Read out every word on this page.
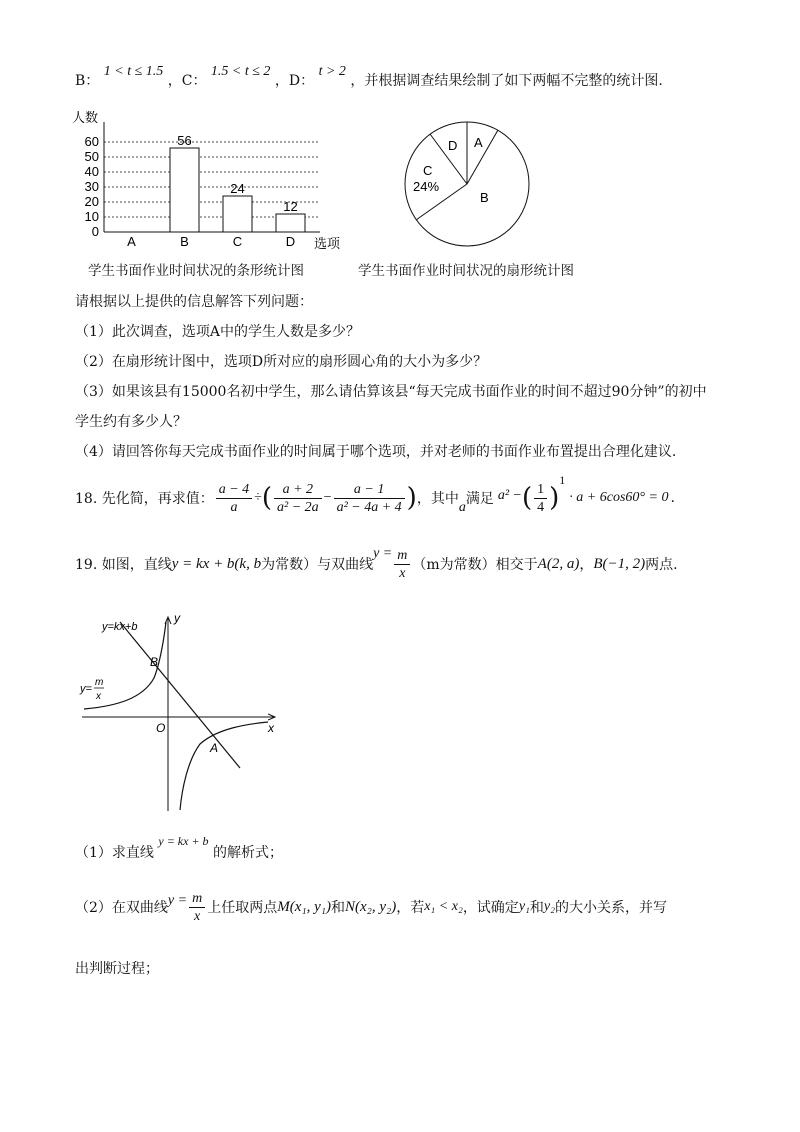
B： 1 < t ≤ 1.5 ，C： 1.5 < t ≤ 2 ，D： t > 2 ，并根据调查结果绘制了如下两幅不完整的统计图.
0
10
20
30
40
50
60
A
56
B
24
C
12
D
人数
选项
学生书面作业时间状况的条形统计图
A
B
C
24%
D
学生书面作业时间状况的扇形统计图
请根据以上提供的信息解答下列问题：
（1）此次调查，选项A中的学生人数是多少？
（2）在扇形统计图中，选项D所对应的扇形圆心角的大小为多少？
（3）如果该县有15000名初中学生，那么请估算该县“每天完成书面作业的时间不超过90分钟”的初中
学生约有多少人？
（4）请回答你每天完成书面作业的时间属于哪个选项，并对老师的书面作业布置提出合理化建议.
18. 先化简，再求值： $\frac{a - 4}{a}$ ÷ ( $\frac{a + 2}{\text{a² − 2a}} - \frac{a - 1}{\text{a² − 4a + 4}}$ ) ，其中
a
满足 a² − ( $\frac{1}{4}$ )
1
· a + 6cos60° = 0 .
19. 如图，直线 y = kx + b(k, b 为常数）与双曲线
$y = \frac{m}{x} (m$为常数）相交于 A(2, a) ， B(−1, 2) 两点.
y=kx+b
y=
m
x
y
x
O
A
B
（1）求直线 y = kx + b 的解析式；
（2）在双曲线 $y = \frac{m}{x}$ 上任取两点 M(x₁, y₁) 和 N(x₂, y₂) ，若 x₁ < x₂ ，试确定 y₁ 和 y₂ 的大小关系，并写
出判断过程；
